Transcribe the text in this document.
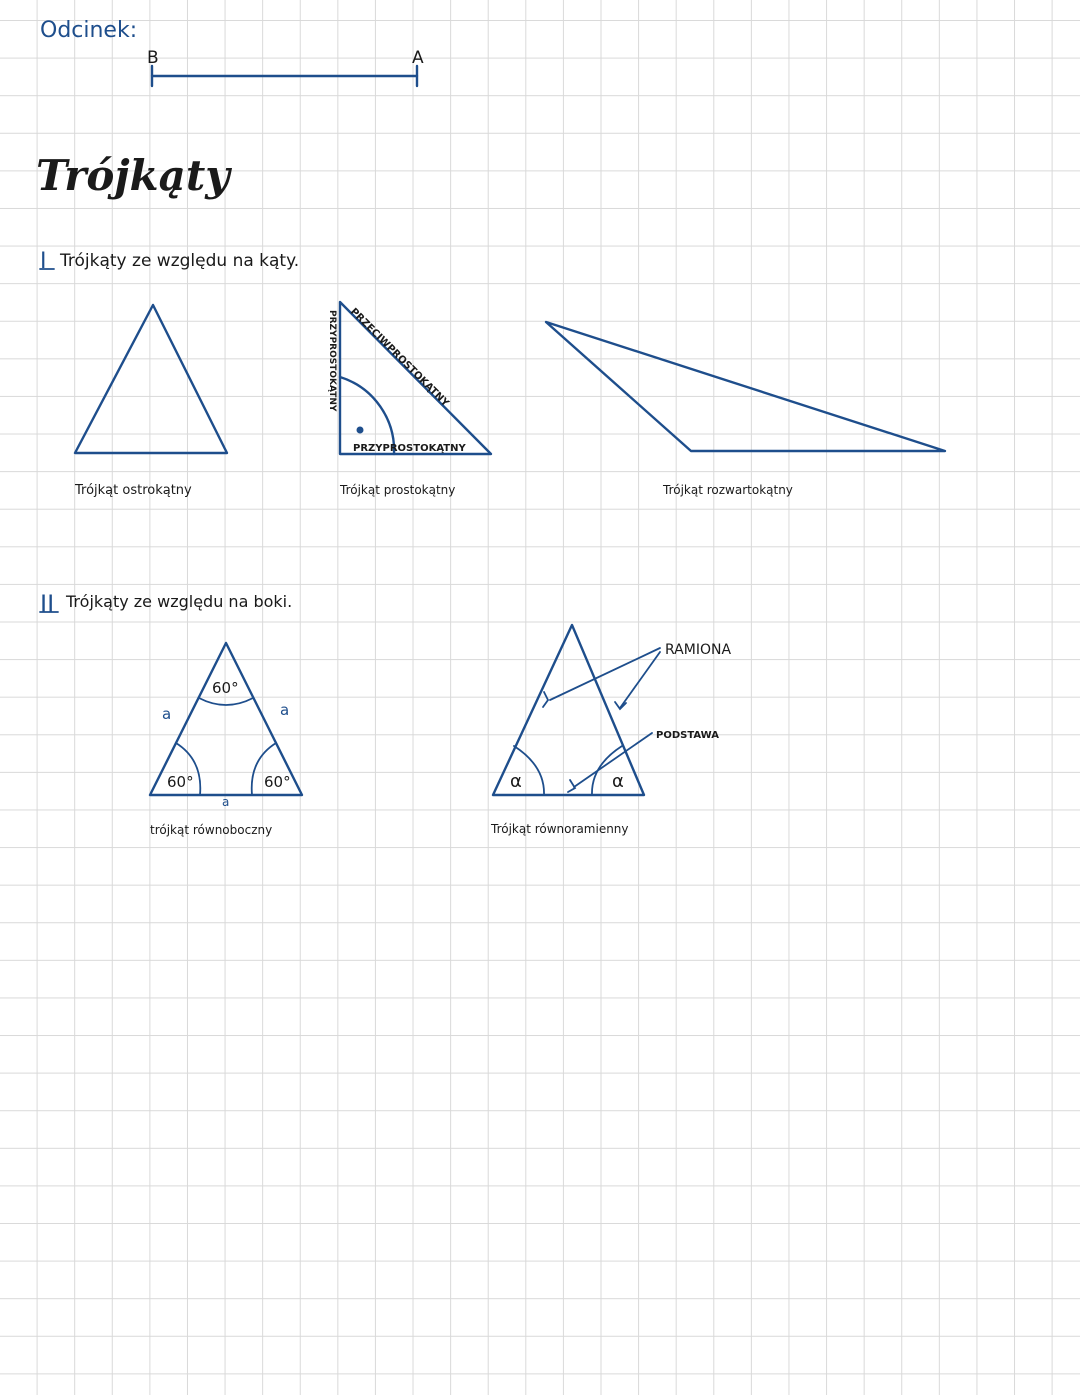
Odcinek:
B	A
Trójkąty
I Trójkąty ze względu na kąty.
Trójkąt ostrokątny
PRZECIWPROSTOKĄTNY
PRZYPROSTOKĄTNY
PRZYPROSTOKĄTNY
Trójkąt prostokątny	Trójkąt rozwartokątny
II Trójkąty ze względu na boki.
60°
60°	60°
a	a
a
trójkąt równoboczny
RAMIONA
PODSTAWA
α	α
Trójkąt równoramienny
